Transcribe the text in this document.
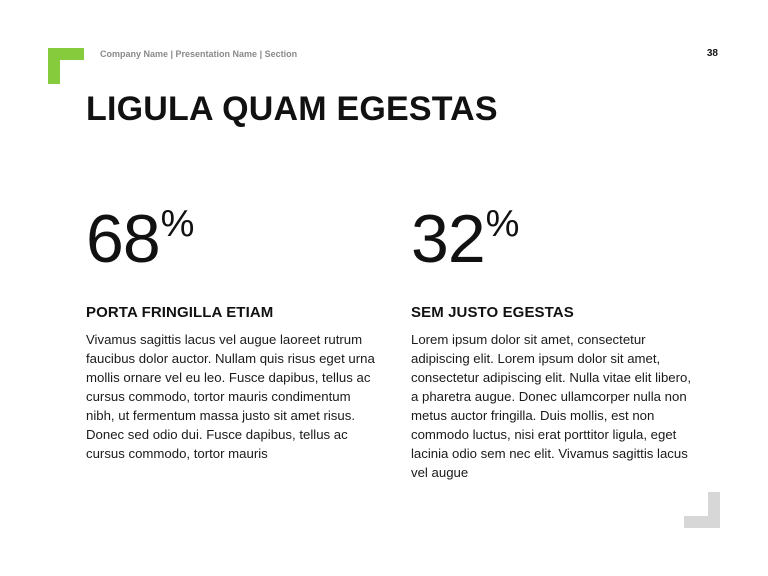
Company Name | Presentation Name | Section	38
LIGULA QUAM EGESTAS
68%
PORTA FRINGILLA ETIAM
Vivamus sagittis lacus vel augue laoreet rutrum faucibus dolor auctor. Nullam quis risus eget urna mollis ornare vel eu leo. Fusce dapibus, tellus ac cursus commodo, tortor mauris condimentum nibh, ut fermentum massa justo sit amet risus. Donec sed odio dui. Fusce dapibus, tellus ac cursus commodo, tortor mauris
32%
SEM JUSTO EGESTAS
Lorem ipsum dolor sit amet, consectetur adipiscing elit. Lorem ipsum dolor sit amet, consectetur adipiscing elit. Nulla vitae elit libero, a pharetra augue. Donec ullamcorper nulla non metus auctor fringilla. Duis mollis, est non commodo luctus, nisi erat porttitor ligula, eget lacinia odio sem nec elit. Vivamus sagittis lacus vel augue
